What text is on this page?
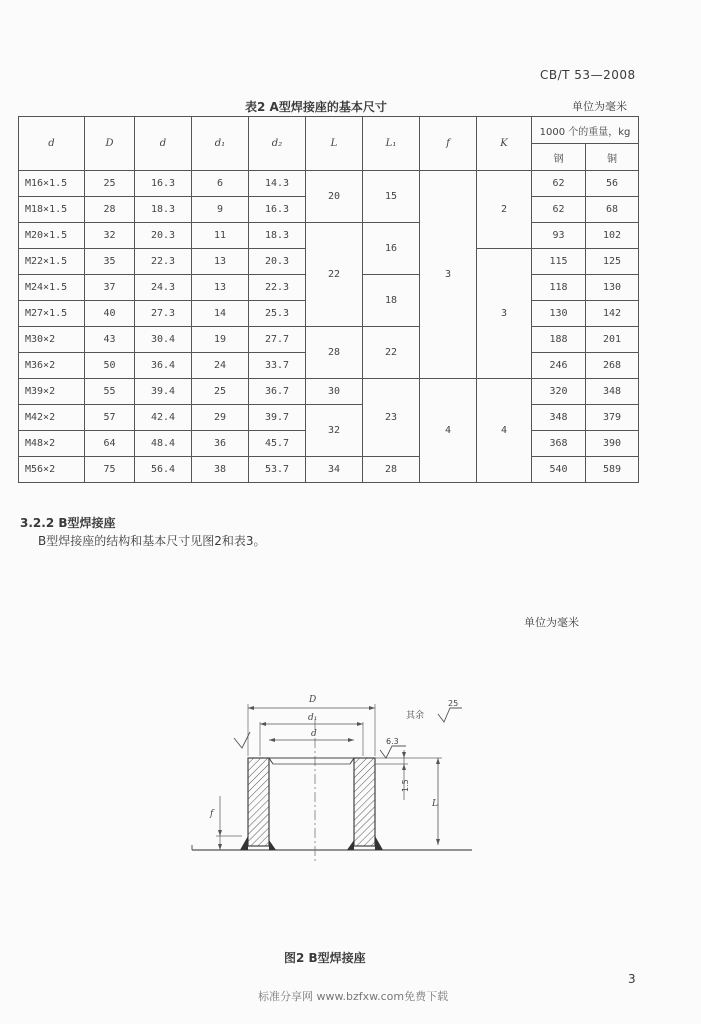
CB/T 53—2008
表2 A型焊接座的基本尺寸	单位为毫米
d	D	d	d₁	d₂	L	L₁	f	K	1000 个的重量，kg	
									钢	铜
M16×1.5	25	16.3	6	14.3	20	15	3	2	62	56
M18×1.5	28	18.3	9	16.3					62	68
M20×1.5	32	20.3	11	18.3	22	16			93	102
M22×1.5	35	22.3	13	20.3				3	115	125
M24×1.5	37	24.3	13	22.3		18			118	130
M27×1.5	40	27.3	14	25.3					130	142
M30×2	43	30.4	19	27.7	28	22			188	201
M36×2	50	36.4	24	33.7					246	268
M39×2	55	39.4	25	36.7	30	23	4	4	320	348
M42×2	57	42.4	29	39.7	32				348	379
M48×2	64	48.4	36	45.7					368	390
M56×2	75	56.4	38	53.7	34	28			540	589
3.2.2 B型焊接座
B型焊接座的结构和基本尺寸见图2和表3。
单位为毫米
D
d₁
d
L
f
1.5
6.3
其余
25
图2 B型焊接座
3
标准分享网 www.bzfxw.com免费下载
